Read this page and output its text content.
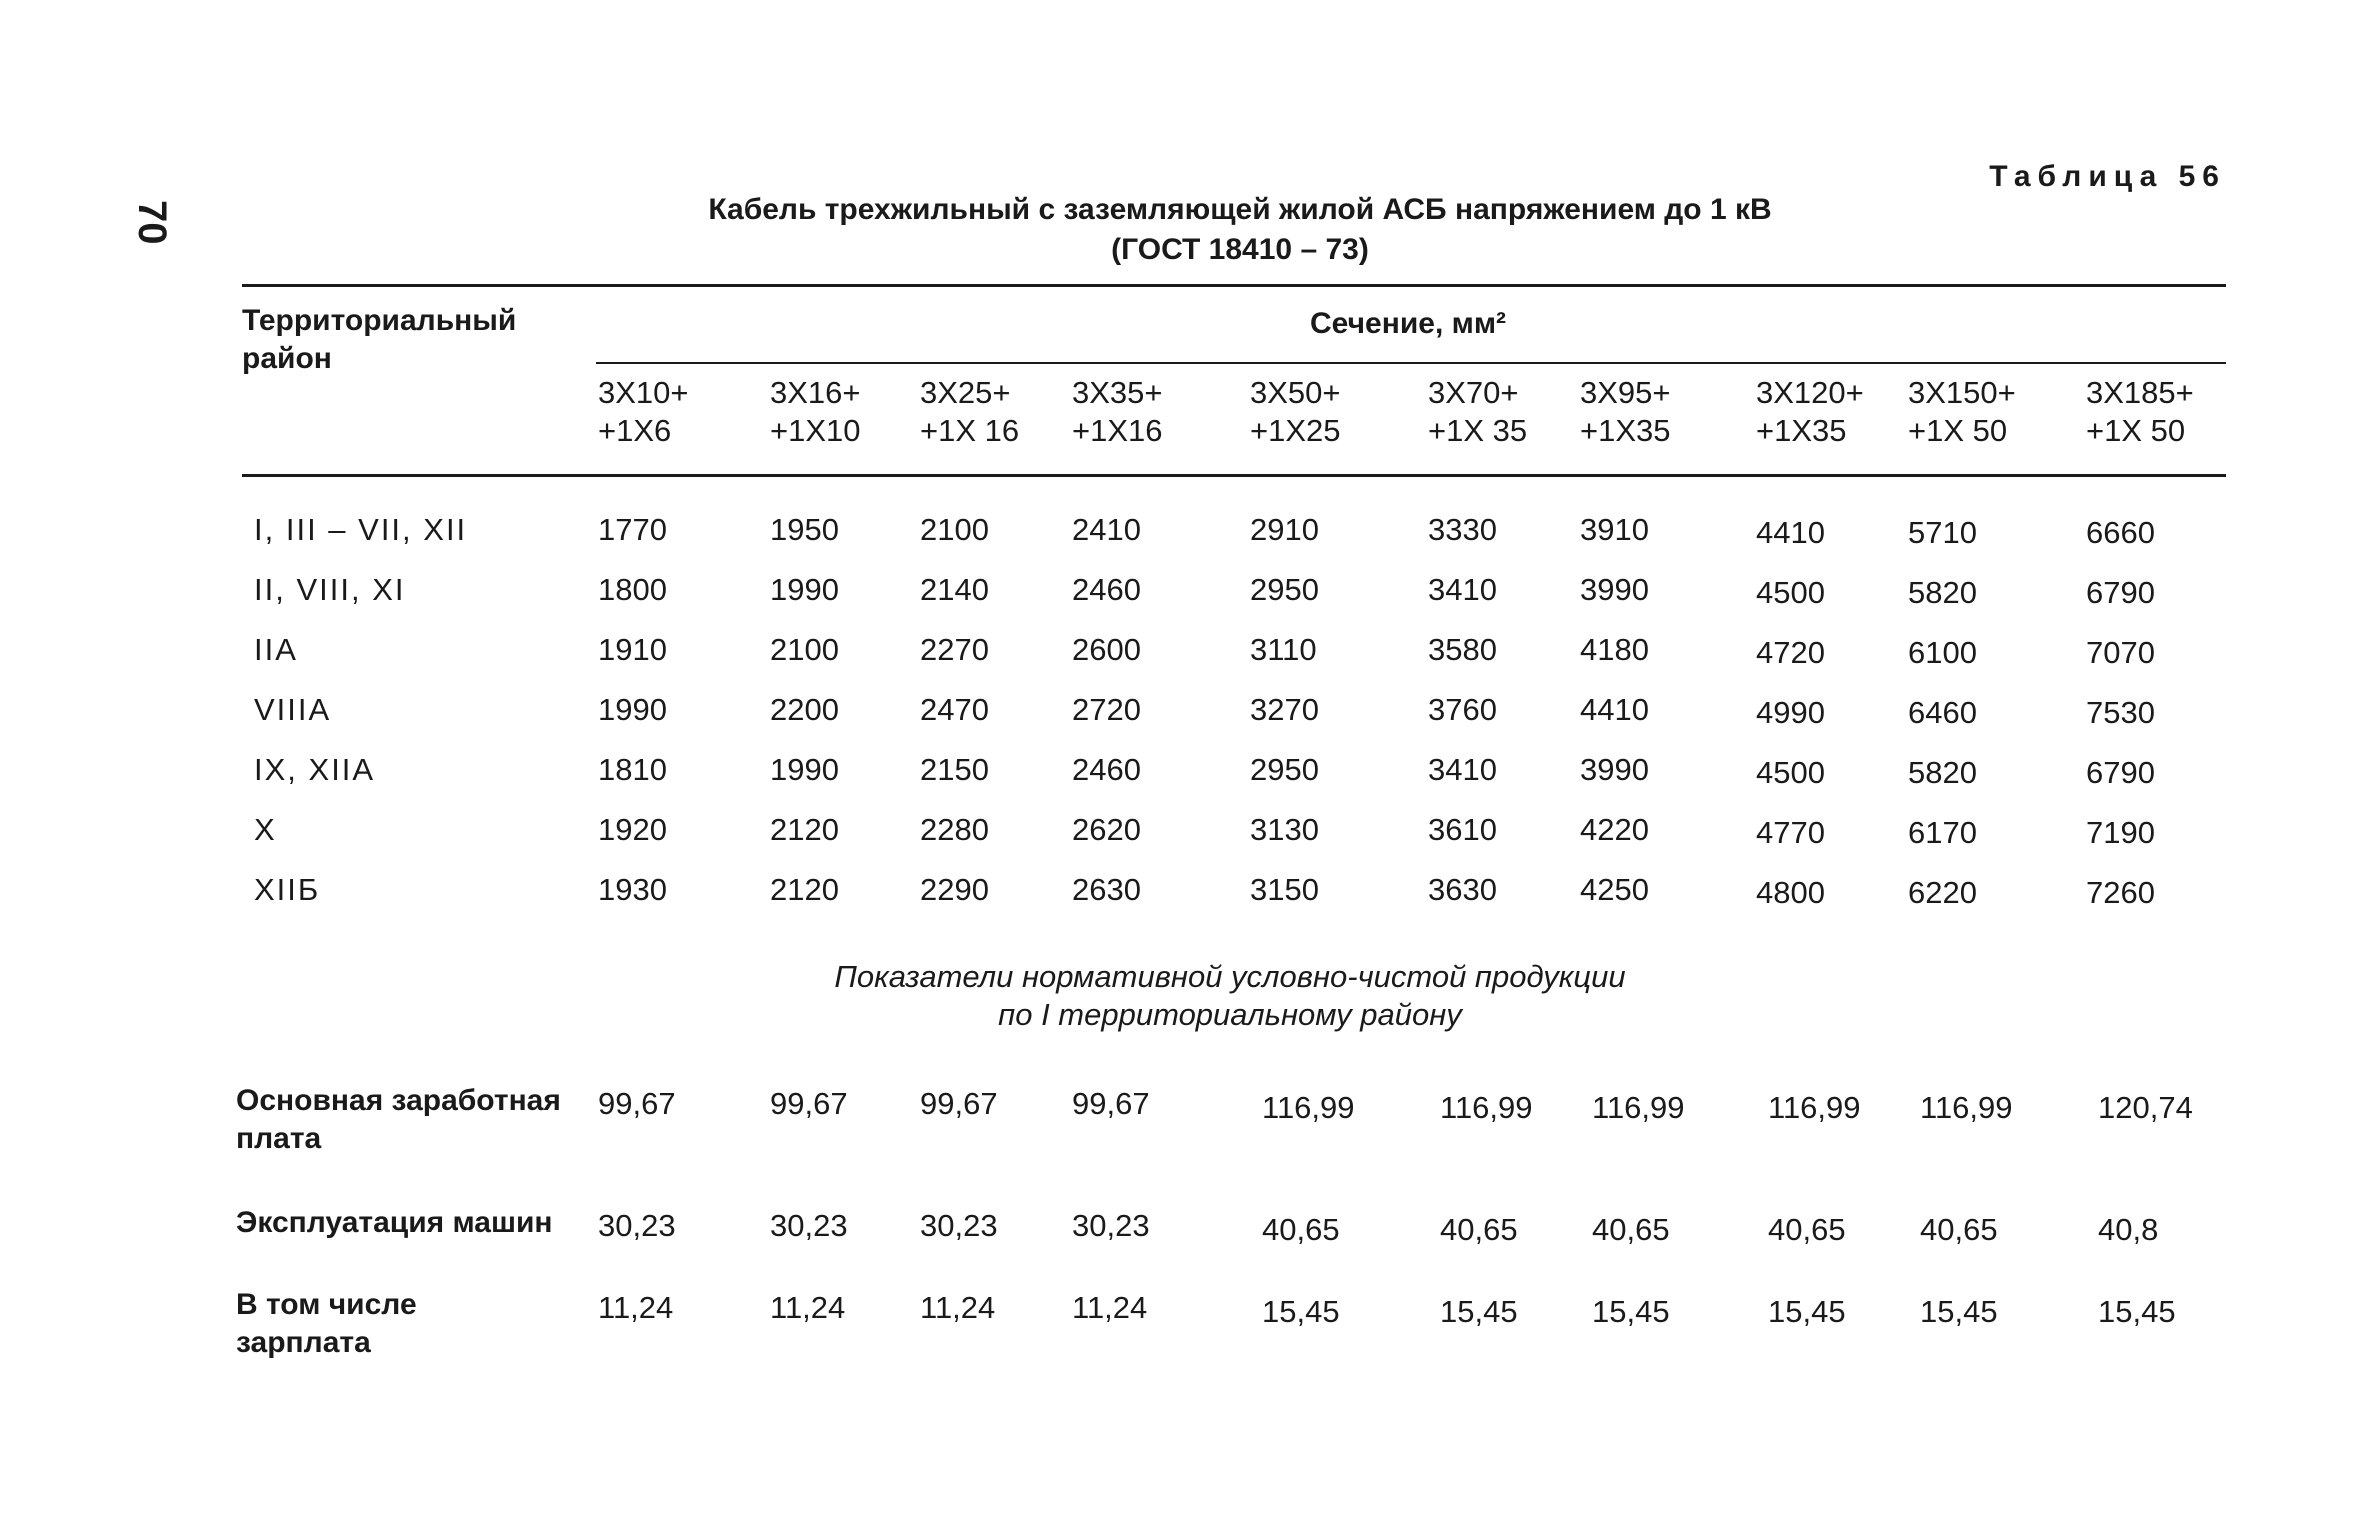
70
Таблица 56
Кабель трехжильный с заземляющей жилой АСБ напряжением до 1 кВ
(ГОСТ 18410 – 73)
Территориальный
район
Сечение, мм²
3Х10+
+1Х6
3Х16+
+1Х10
3Х25+
+1Х 16
3Х35+
+1Х16
3Х50+
+1Х25
3Х70+
+1Х 35
3Х95+
+1Х35
3Х120+
+1Х35
3Х150+
+1Х 50
3Х185+
+1Х 50
I, III – VII, XII	1770	1950	2100	2410	2910	3330	3910	4410	5710	6660
II, VIII, XI	1800	1990	2140	2460	2950	3410	3990	4500	5820	6790
IIА	1910	2100	2270	2600	3110	3580	4180	4720	6100	7070
VIIIА	1990	2200	2470	2720	3270	3760	4410	4990	6460	7530
IX, XIIА	1810	1990	2150	2460	2950	3410	3990	4500	5820	6790
X	1920	2120	2280	2620	3130	3610	4220	4770	6170	7190
XIIБ	1930	2120	2290	2630	3150	3630	4250	4800	6220	7260
Показатели нормативной условно-чистой продукции
по I территориальному району
Основная заработная
плата
99,67	99,67 99,67 99,67	116,99	116,99 116,99	116,99 116,99	120,74
Эксплуатация машин 30,23	30,23 30,23 30,23	40,65	40,65 40,65	40,65 40,65	40,8
В том числе
зарплата
11,24	11,24 11,24 11,24	15,45	15,45 15,45	15,45 15,45	15,45
